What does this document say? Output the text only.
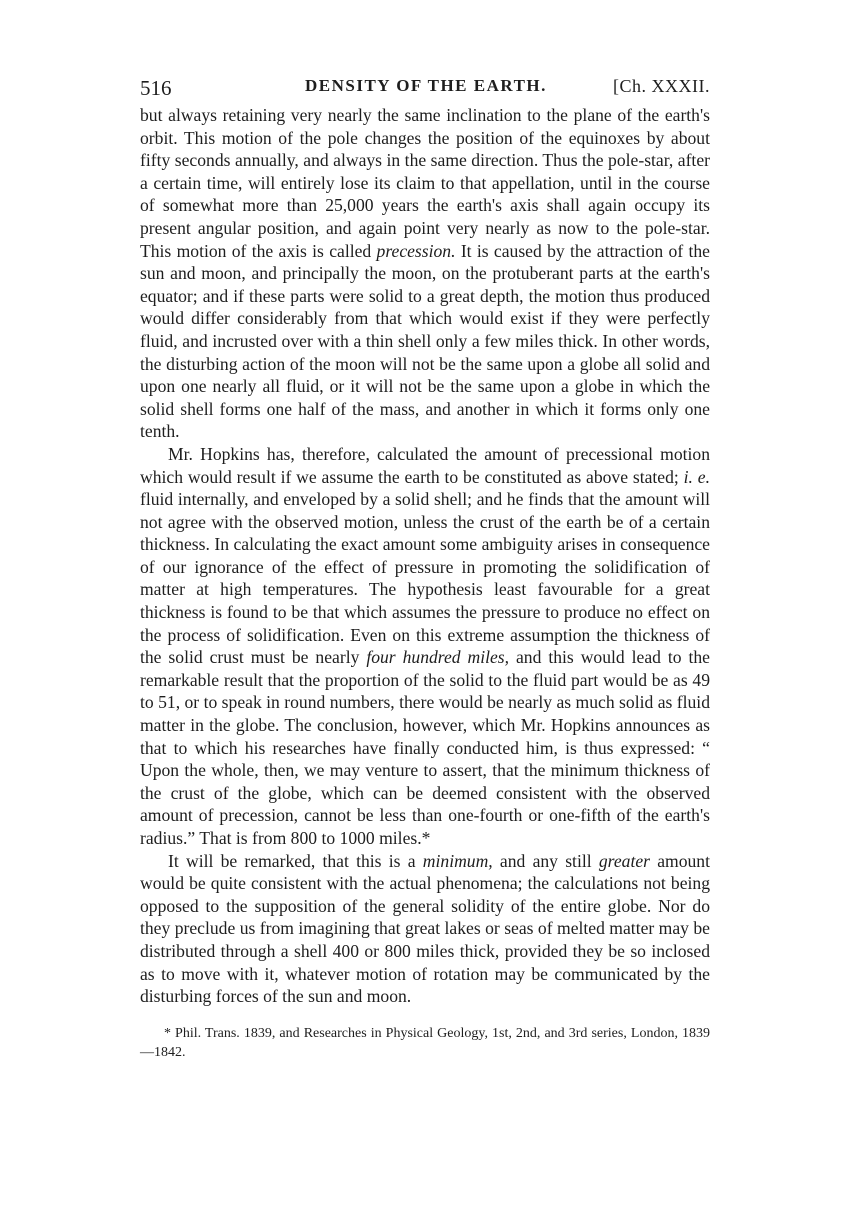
516	DENSITY OF THE EARTH.	[Ch. XXXII.

but always retaining very nearly the same inclination to the plane of the earth's orbit. This motion of the pole changes the position of the equinoxes by about fifty seconds annually, and always in the same direction. Thus the pole-star, after a certain time, will entirely lose its claim to that appellation, until in the course of somewhat more than 25,000 years the earth's axis shall again occupy its present angular position, and again point very nearly as now to the pole-star. This motion of the axis is called precession. It is caused by the attraction of the sun and moon, and principally the moon, on the protuberant parts at the earth's equator; and if these parts were solid to a great depth, the motion thus produced would differ considerably from that which would exist if they were perfectly fluid, and incrusted over with a thin shell only a few miles thick. In other words, the disturbing action of the moon will not be the same upon a globe all solid and upon one nearly all fluid, or it will not be the same upon a globe in which the solid shell forms one half of the mass, and another in which it forms only one tenth.

Mr. Hopkins has, therefore, calculated the amount of precessional motion which would result if we assume the earth to be constituted as above stated; i. e. fluid internally, and enveloped by a solid shell; and he finds that the amount will not agree with the observed motion, unless the crust of the earth be of a certain thickness. In calculating the exact amount some ambiguity arises in consequence of our ignorance of the effect of pressure in promoting the solidification of matter at high temperatures. The hypothesis least favourable for a great thickness is found to be that which assumes the pressure to produce no effect on the process of solidification. Even on this extreme assumption the thickness of the solid crust must be nearly four hundred miles, and this would lead to the remarkable result that the proportion of the solid to the fluid part would be as 49 to 51, or to speak in round numbers, there would be nearly as much solid as fluid matter in the globe. The conclusion, however, which Mr. Hopkins announces as that to which his researches have finally conducted him, is thus expressed: “ Upon the whole, then, we may venture to assert, that the minimum thickness of the crust of the globe, which can be deemed consistent with the observed amount of precession, cannot be less than one-fourth or one-fifth of the earth's radius.” That is from 800 to 1000 miles.*

It will be remarked, that this is a minimum, and any still greater amount would be quite consistent with the actual phenomena; the calculations not being opposed to the supposition of the general solidity of the entire globe. Nor do they preclude us from imagining that great lakes or seas of melted matter may be distributed through a shell 400 or 800 miles thick, provided they be so inclosed as to move with it, whatever motion of rotation may be communicated by the disturbing forces of the sun and moon.

* Phil. Trans. 1839, and Researches in Physical Geology, 1st, 2nd, and 3rd series, London, 1839—1842.
